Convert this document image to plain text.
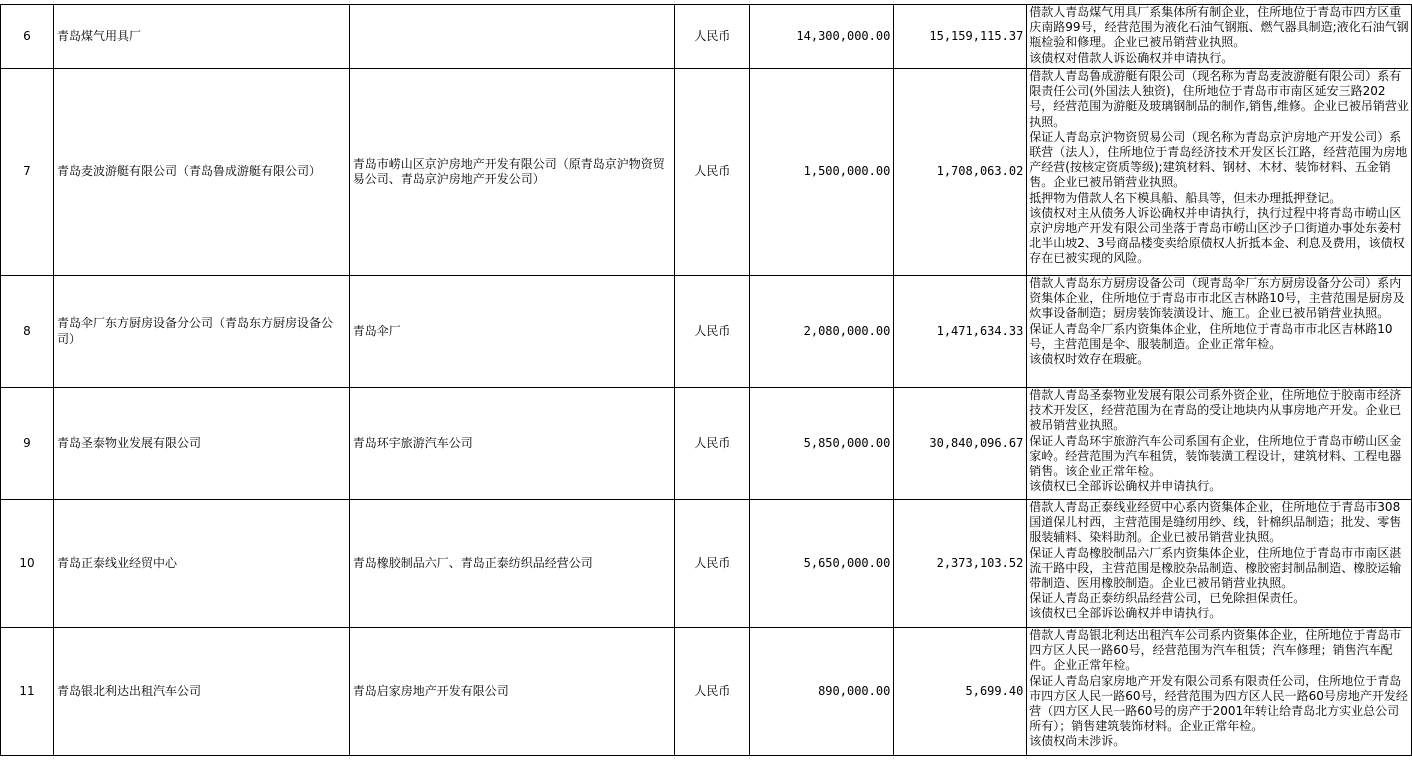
6	青岛煤气用具厂		人民币	14,300,000.00	15,159,115.37	借款人青岛煤气用具厂系集体所有制企业，住所地位于青岛市四方区重庆南路99号，经营范围为液化石油气钢瓶、燃气器具制造;液化石油气钢瓶检验和修理。企业已被吊销营业执照。
该债权对借款人诉讼确权并申请执行。

7	青岛麦波游艇有限公司（青岛鲁成游艇有限公司）	青岛市崂山区京沪房地产开发有限公司（原青岛京沪物资贸易公司、青岛京沪房地产开发公司）	人民币	1,500,000.00	1,708,063.02	借款人青岛鲁成游艇有限公司（现名称为青岛麦波游艇有限公司）系有限责任公司(外国法人独资)，住所地位于青岛市市南区延安三路202号，经营范围为游艇及玻璃钢制品的制作,销售,维修。企业已被吊销营业执照。
保证人青岛京沪物资贸易公司（现名称为青岛京沪房地产开发公司）系联营（法人），住所地位于青岛经济技术开发区长江路，经营范围为房地产经营(按核定资质等级);建筑材料、钢材、木材、装饰材料、五金销售。企业已被吊销营业执照。
抵押物为借款人名下模具船、船具等，但未办理抵押登记。
该债权对主从债务人诉讼确权并申请执行，执行过程中将青岛市崂山区京沪房地产开发有限公司坐落于青岛市崂山区沙子口街道办事处东姜村北半山坡2、3号商品楼变卖给原债权人折抵本金、利息及费用，该债权存在已被实现的风险。

8	青岛伞厂东方厨房设备分公司（青岛东方厨房设备公司）	青岛伞厂	人民币	2,080,000.00	1,471,634.33	借款人青岛东方厨房设备公司（现青岛伞厂东方厨房设备分公司）系内资集体企业，住所地位于青岛市市北区吉林路10号，主营范围是厨房及炊事设备制造；厨房装饰装潢设计、施工。企业已被吊销营业执照。
保证人青岛伞厂系内资集体企业，住所地位于青岛市市北区吉林路10号，主营范围是伞、服装制造。企业正常年检。
该债权时效存在瑕疵。

9	青岛圣泰物业发展有限公司	青岛环宇旅游汽车公司	人民币	5,850,000.00	30,840,096.67	借款人青岛圣泰物业发展有限公司系外资企业，住所地位于胶南市经济技术开发区，经营范围为在青岛的受让地块内从事房地产开发。企业已被吊销营业执照。
保证人青岛环宇旅游汽车公司系国有企业，住所地位于青岛市崂山区金家岭。经营范围为汽车租赁，装饰装潢工程设计，建筑材料、工程电器销售。该企业正常年检。
该债权已全部诉讼确权并申请执行。

10	青岛正泰线业经贸中心	青岛橡胶制品六厂、青岛正泰纺织品经营公司	人民币	5,650,000.00	2,373,103.52	借款人青岛正泰线业经贸中心系内资集体企业，住所地位于青岛市308国道保儿村西，主营范围是缝纫用纱、线，针棉织品制造；批发、零售服装辅料、染料助剂。企业已被吊销营业执照。
保证人青岛橡胶制品六厂系内资集体企业，住所地位于青岛市市南区湛流干路中段，主营范围是橡胶杂品制造、橡胶密封制品制造、橡胶运输带制造、医用橡胶制造。企业已被吊销营业执照。
保证人青岛正泰纺织品经营公司，已免除担保责任。
该债权已全部诉讼确权并申请执行。

11	青岛银北利达出租汽车公司	青岛启家房地产开发有限公司	人民币	890,000.00	5,699.40	借款人青岛银北利达出租汽车公司系内资集体企业，住所地位于青岛市四方区人民一路60号，经营范围为汽车租赁；汽车修理；销售汽车配件。企业正常年检。
保证人青岛启家房地产开发有限公司系有限责任公司，住所地位于青岛市四方区人民一路60号，经营范围为四方区人民一路60号房地产开发经营（四方区人民一路60号的房产于2001年转让给青岛北方实业总公司所有）；销售建筑装饰材料。企业正常年检。
该债权尚未涉诉。
